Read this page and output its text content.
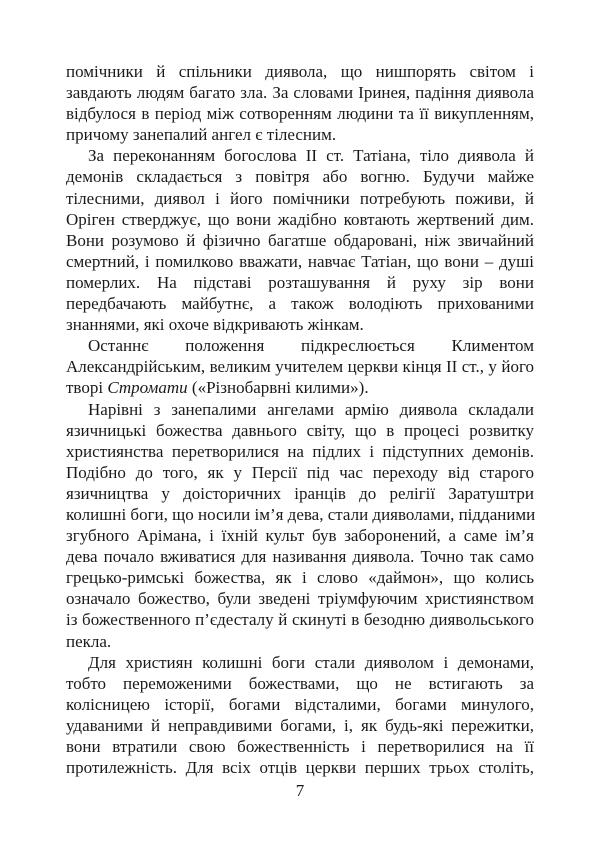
помічники й спільники диявола, що нишпорять світом і
завдають людям багато зла. За словами Іринея, падіння диявола
відбулося в період між сотворенням людини та її викупленням,
причому занепалий ангел є тілесним.
За переконанням богослова II ст. Татіана, тіло диявола й
демонів складається з повітря або вогню. Будучи майже
тілесними, диявол і його помічники потребують поживи, й
Оріген стверджує, що вони жадібно ковтають жертвений дим.
Вони розумово й фізично багатше обдаровані, ніж звичайний
смертний, і помилково вважати, навчає Татіан, що вони – душі
померлих. На підставі розташування й руху зір вони
передбачають майбутнє, а також володіють прихованими
знаннями, які охоче відкривають жінкам.
Останнє положення підкреслюється Климентом
Александрійським, великим учителем церкви кінця II ст., у його
творі Стромати («Різнобарвні килими»).
Нарівні з занепалими ангелами армію диявола складали
язичницькі божества давнього світу, що в процесі розвитку
християнства перетворилися на підлих і підступних демонів.
Подібно до того, як у Персії під час переходу від старого
язичництва у доісторичних іранців до релігії Заратуштри
колишні боги, що носили ім’я дева, стали дияволами, підданими
згубного Арімана, і їхній культ був заборонений, а саме ім’я
дева почало вживатися для називання диявола. Точно так само
грецько-римські божества, як і слово «даймон», що колись
означало божество, були зведені тріумфуючим християнством
із божественного п’єдесталу й скинуті в безодню диявольського
пекла.
Для християн колишні боги стали дияволом і демонами,
тобто переможеними божествами, що не встигають за
колісницею історії, богами відсталими, богами минулого,
удаваними й неправдивими богами, і, як будь-які пережитки,
вони втратили свою божественність і перетворилися на її
протилежність. Для всіх отців церкви перших трьох століть,
7
